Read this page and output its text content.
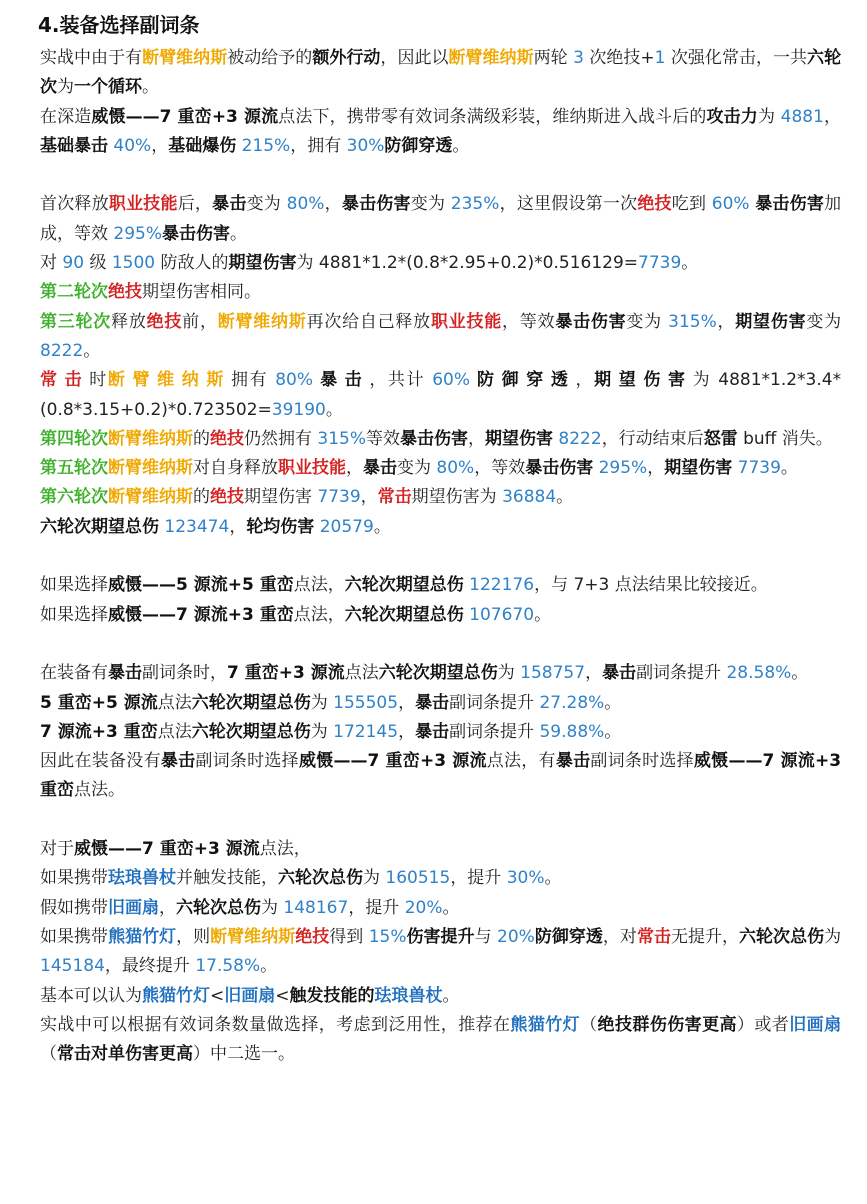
4.装备选择副词条

实战中由于有断臂维纳斯被动给予的额外行动，因此以断臂维纳斯两轮 3 次绝技+1 次强化常击，一共六轮次为一个循环。

在深造威慑——7 重峦+3 源流点法下，携带零有效词条满级彩装，维纳斯进入战斗后的攻击力为 4881，基础暴击 40%，基础爆伤 215%，拥有 30%防御穿透。

首次释放职业技能后，暴击变为 80%，暴击伤害变为 235%，这里假设第一次绝技吃到 60% 暴击伤害加成，等效 295%暴击伤害。

对 90 级 1500 防敌人的期望伤害为 4881*1.2*(0.8*2.95+0.2)*0.516129=7739。

第二轮次绝技期望伤害相同。

第三轮次释放绝技前，断臂维纳斯再次给自己释放职业技能，等效暴击伤害变为 315%，期望伤害变为 8222。

常击时断臂维纳斯拥有 80% 暴击，共计 60% 防御穿透，期望伤害为 4881*1.2*3.4*(0.8*3.15+0.2)*0.723502=39190。

第四轮次断臂维纳斯的绝技仍然拥有 315%等效暴击伤害，期望伤害 8222，行动结束后怒雷 buff 消失。

第五轮次断臂维纳斯对自身释放职业技能，暴击变为 80%，等效暴击伤害 295%，期望伤害 7739。

第六轮次断臂维纳斯的绝技期望伤害 7739，常击期望伤害为 36884。

六轮次期望总伤 123474，轮均伤害 20579。

如果选择威慑——5 源流+5 重峦点法，六轮次期望总伤 122176，与 7+3 点法结果比较接近。

如果选择威慑——7 源流+3 重峦点法，六轮次期望总伤 107670。

在装备有暴击副词条时，7 重峦+3 源流点法六轮次期望总伤为 158757，暴击副词条提升 28.58%。

5 重峦+5 源流点法六轮次期望总伤为 155505，暴击副词条提升 27.28%。

7 源流+3 重峦点法六轮次期望总伤为 172145，暴击副词条提升 59.88%。

因此在装备没有暴击副词条时选择威慑——7 重峦+3 源流点法，有暴击副词条时选择威慑——7 源流+3 重峦点法。

对于威慑——7 重峦+3 源流点法，

如果携带珐琅兽杖并触发技能，六轮次总伤为 160515，提升 30%。

假如携带旧画扇，六轮次总伤为 148167，提升 20%。

如果携带熊猫竹灯，则断臂维纳斯绝技得到 15%伤害提升与 20%防御穿透，对常击无提升，六轮次总伤为 145184，最终提升 17.58%。

基本可以认为熊猫竹灯<旧画扇<触发技能的珐琅兽杖。

实战中可以根据有效词条数量做选择，考虑到泛用性，推荐在熊猫竹灯（绝技群伤伤害更高）或者旧画扇（常击对单伤害更高）中二选一。
